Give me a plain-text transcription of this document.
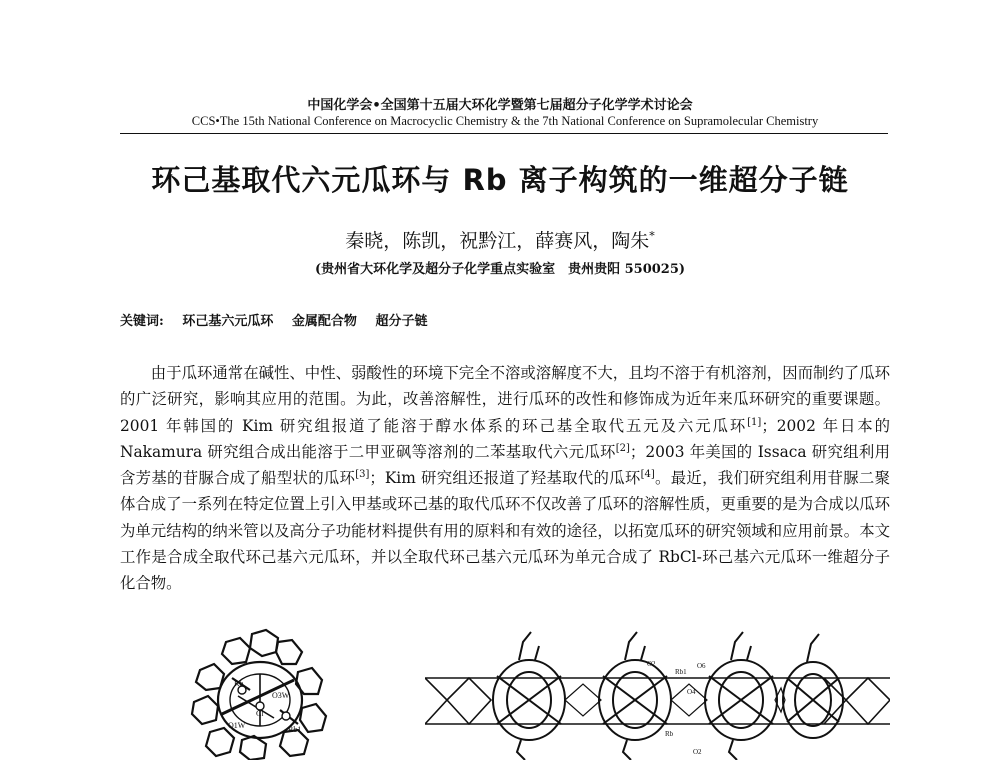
中国化学会•全国第十五届大环化学暨第七届超分子化学学术讨论会
CCS•The 15th National Conference on Macrocyclic Chemistry & the 7th National Conference on Supramolecular Chemistry
环己基取代六元瓜环与 Rb 离子构筑的一维超分子链
秦晓，陈凯，祝黔江，薛赛风，陶朱*
(贵州省大环化学及超分子化学重点实验室　贵州贵阳 550025)
关键词: 环己基六元瓜环 金属配合物 超分子链

由于瓜环通常在碱性、中性、弱酸性的环境下完全不溶或溶解度不大，且均不溶于有机溶剂，因而制约了瓜环的广泛研究，影响其应用的范围。为此，改善溶解性，进行瓜环的改性和修饰成为近年来瓜环研究的重要课题。2001 年韩国的 Kim 研究组报道了能溶于醇水体系的环己基全取代五元及六元瓜环[1]；2002 年日本的 Nakamura 研究组合成出能溶于二甲亚砜等溶剂的二苯基取代六元瓜环[2]；2003 年美国的 Issaca 研究组利用含芳基的苷脲合成了船型状的瓜环[3]；Kim 研究组还报道了羟基取代的瓜环[4]。最近，我们研究组利用苷脲二聚体合成了一系列在特定位置上引入甲基或环己基的取代瓜环不仅改善了瓜环的溶解性质，更重要的是为合成以瓜环为单元结构的纳米管以及高分子功能材料提供有用的原料和有效的途径，以拓宽瓜环的研究领域和应用前景。本文工作是合成全取代环己基六元瓜环，并以全取代环己基六元瓜环为单元合成了 RbCl-环己基六元瓜环一维超分子化合物。

Rb
O3W
Cl
O1W	Rb1
O2
Rb1
O6
O4
Rb
O2
